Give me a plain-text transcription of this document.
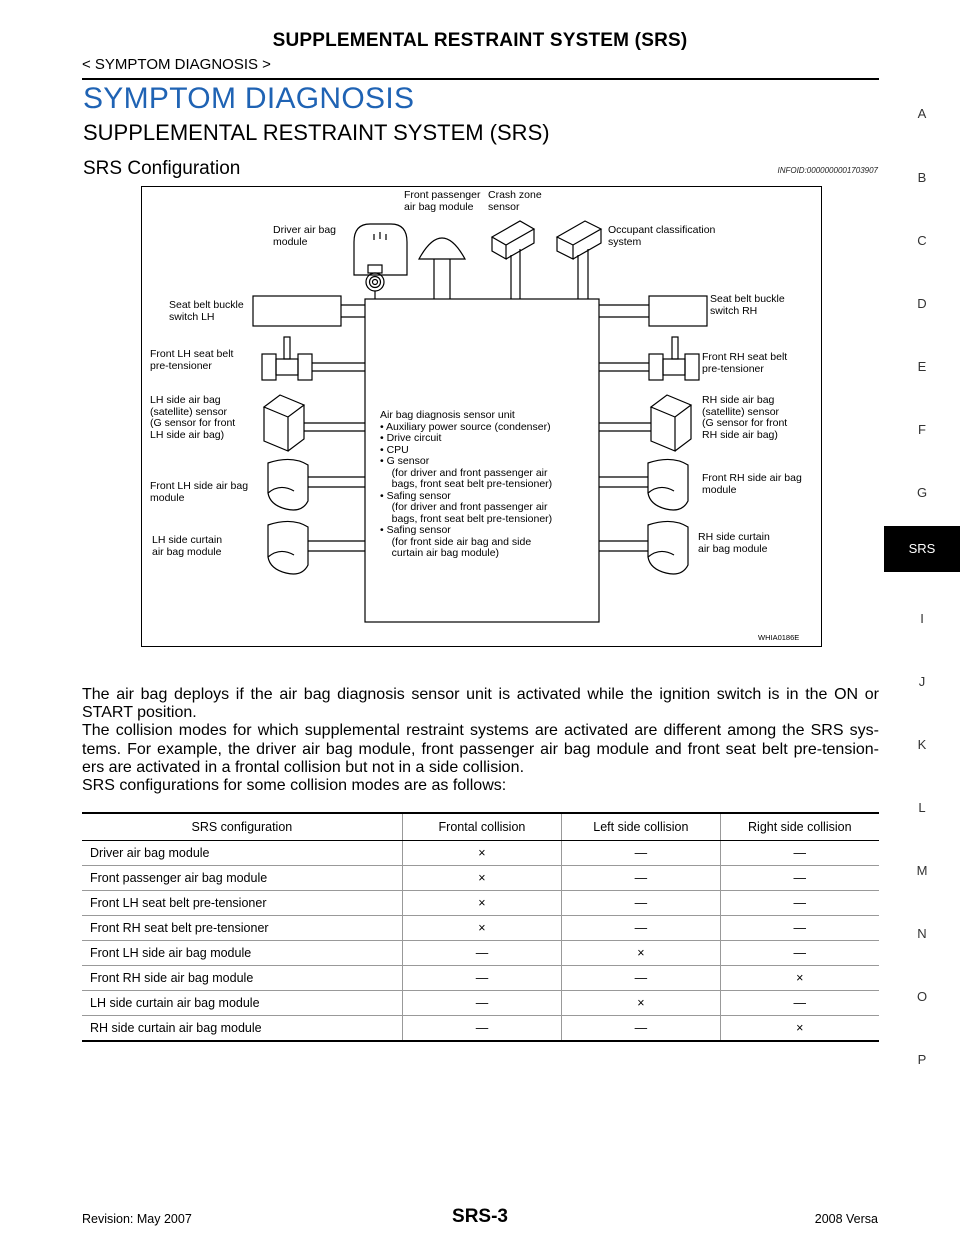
SUPPLEMENTAL RESTRAINT SYSTEM (SRS)
< SYMPTOM DIAGNOSIS >
SYMPTOM DIAGNOSIS
SUPPLEMENTAL RESTRAINT SYSTEM (SRS)
SRS Configuration	INFOID:0000000001703907
Front passenger
air bag module
Crash zone
sensor
Driver air bag
module
Occupant classification
system
Seat belt buckle
switch LH
Seat belt buckle
switch RH
Front LH seat belt
pre-tensioner
Front RH seat belt
pre-tensioner
LH side air bag
(satellite) sensor
(G sensor for front
LH side air bag)
RH side air bag
(satellite) sensor
(G sensor for front
RH side air bag)
Front LH side air bag
module
Front RH side air bag
module
LH side curtain
air bag module
RH side curtain
air bag module
Air bag diagnosis sensor unit
• Auxiliary power source (condenser)
• Drive circuit
• CPU
• G sensor
(for driver and front passenger air
bags, front seat belt pre-tensioner)
• Safing sensor
(for driver and front passenger air
bags, front seat belt pre-tensioner)
• Safing sensor
(for front side air bag and side
curtain air bag module)
WHIA0186E

The air bag deploys if the air bag diagnosis sensor unit is activated while the ignition switch is in the ON or

START position.

The collision modes for which supplemental restraint systems are activated are different among the SRS sys-

tems. For example, the driver air bag module, front passenger air bag module and front seat belt pre-tension-

ers are activated in a frontal collision but not in a side collision.

SRS configurations for some collision modes are as follows:

SRS configuration	Frontal collision	Left side collision	Right side collision
Driver air bag module	×	—	—
Front passenger air bag module	×	—	—
Front LH seat belt pre-tensioner	×	—	—
Front RH seat belt pre-tensioner	×	—	—
Front LH side air bag module	—	×	—
Front RH side air bag module	—	—	×
LH side curtain air bag module	—	×	—
RH side curtain air bag module	—	—	×
A
B
C
D
E
F
G
SRS
I
J
K
L
M
N
O
P
Revision: May 2007	SRS-3	2008 Versa
